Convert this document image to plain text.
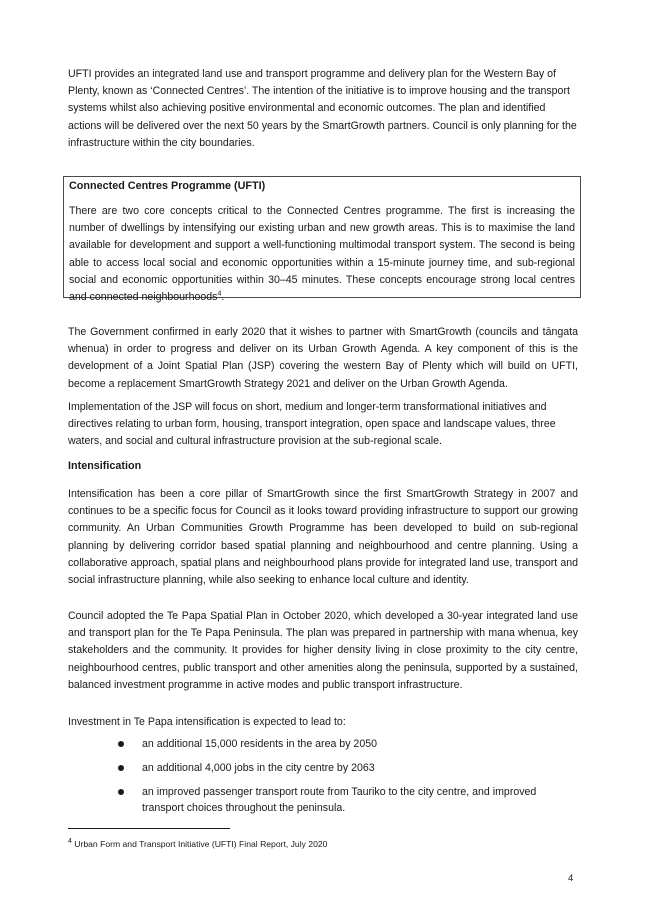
UFTI provides an integrated land use and transport programme and delivery plan for the Western Bay of Plenty, known as ‘Connected Centres’. The intention of the initiative is to improve housing and the transport systems whilst also achieving positive environmental and economic outcomes. The plan and identified actions will be delivered over the next 50 years by the SmartGrowth partners. Council is only planning for the infrastructure within the city boundaries.

Connected Centres Programme (UFTI)

There are two core concepts critical to the Connected Centres programme. The first is increasing the number of dwellings by intensifying our existing urban and new growth areas. This is to maximise the land available for development and support a well-functioning multimodal transport system. The second is being able to access local social and economic opportunities within a 15-minute journey time, and sub-regional social and economic opportunities within 30–45 minutes. These concepts encourage strong local centres and connected neighbourhoods$^4$.

The Government confirmed in early 2020 that it wishes to partner with SmartGrowth (councils and tāngata whenua) in order to progress and deliver on its Urban Growth Agenda. A key component of this is the development of a Joint Spatial Plan (JSP) covering the western Bay of Plenty which will build on UFTI, become a replacement SmartGrowth Strategy 2021 and deliver on the Urban Growth Agenda.

Implementation of the JSP will focus on short, medium and longer-term transformational initiatives and directives relating to urban form, housing, transport integration, open space and landscape values, three waters, and social and cultural infrastructure provision at the sub-regional scale.

Intensification

Intensification has been a core pillar of SmartGrowth since the first SmartGrowth Strategy in 2007 and continues to be a specific focus for Council as it looks toward providing infrastructure to support our growing community. An Urban Communities Growth Programme has been developed to build on sub-regional planning by delivering corridor based spatial planning and neighbourhood and centre planning. Using a collaborative approach, spatial plans and neighbourhood plans provide for integrated land use, transport and social infrastructure planning, while also seeking to enhance local culture and identity.

Council adopted the Te Papa Spatial Plan in October 2020, which developed a 30-year integrated land use and transport plan for the Te Papa Peninsula. The plan was prepared in partnership with mana whenua, key stakeholders and the community. It provides for higher density living in close proximity to the city centre, neighbourhood centres, public transport and other amenities along the peninsula, supported by a sustained, balanced investment programme in active modes and public transport infrastructure.

Investment in Te Papa intensification is expected to lead to:

an additional 15,000 residents in the area by 2050
an additional 4,000 jobs in the city centre by 2063
an improved passenger transport route from Tauriko to the city centre, and improved transport choices throughout the peninsula.

$^4$ Urban Form and Transport Initiative (UFTI) Final Report, July 2020

4
